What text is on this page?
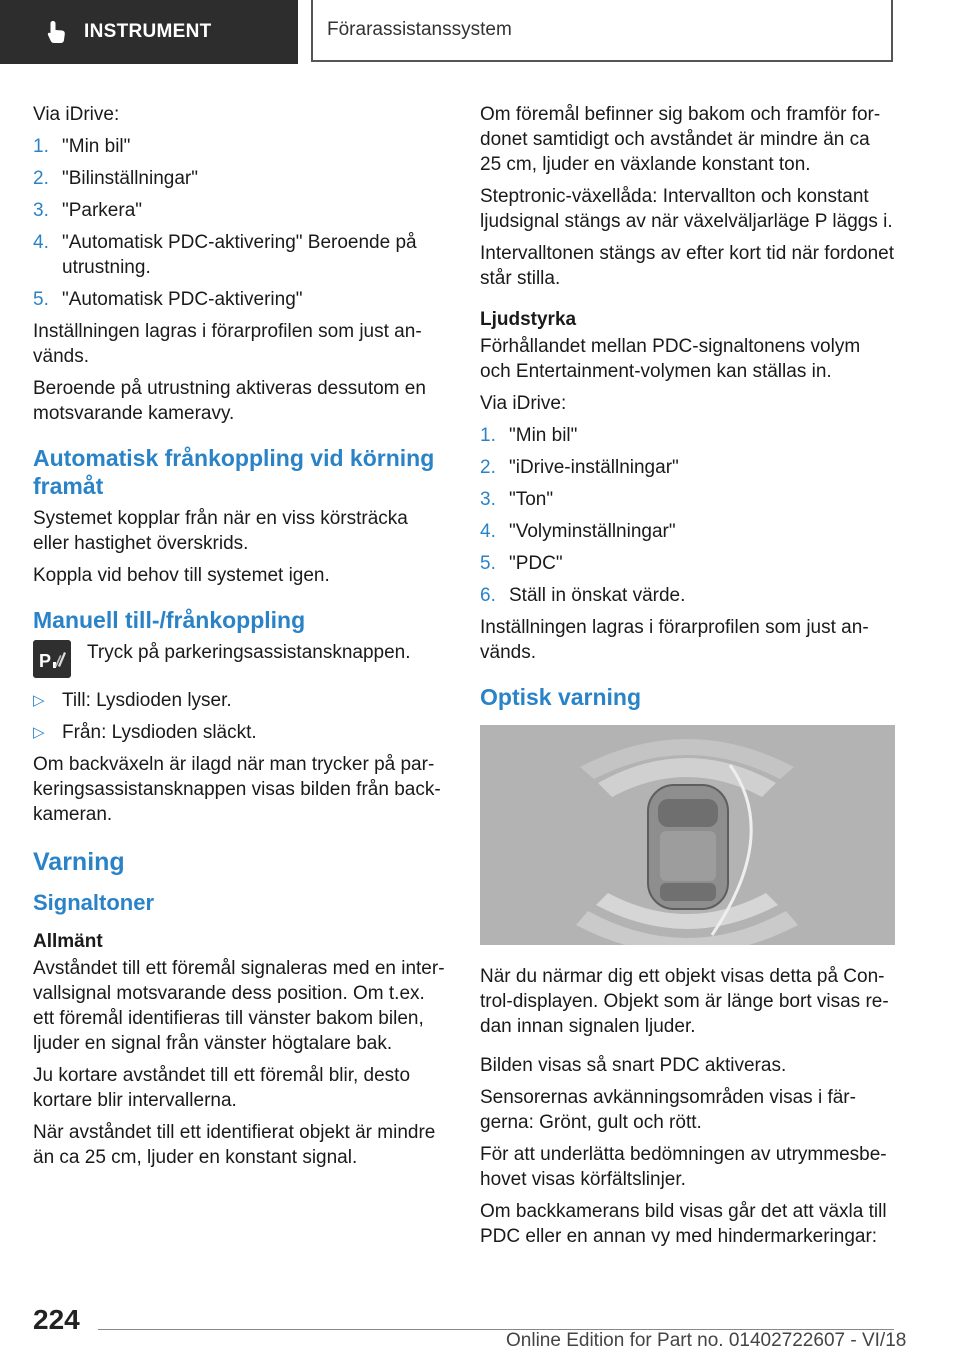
INSTRUMENT	Förarassistanssystem

Via iDrive:

1. "Min bil"
2. "Bilinställningar"
3. "Parkera"
4. "Automatisk PDC-aktivering" Beroende på utrustning.
5. "Automatisk PDC-aktivering"

Inställningen lagras i förarprofilen som just används.

Beroende på utrustning aktiveras dessutom en motsvarande kameravy.

Automatisk frånkoppling vid körning framåt

Systemet kopplar från när en viss körsträcka eller hastighet överskrids.

Koppla vid behov till systemet igen.

Manuell till-/frånkoppling
P Tryck på parkeringsassistansknappen.

▷ Till: Lysdioden lyser.
▷ Från: Lysdioden släckt.

Om backväxeln är ilagd när man trycker på parkeringsassistansknappen visas bilden från backkameran.

Varning
Signaltoner
Allmänt

Avståndet till ett föremål signaleras med en intervallsignal motsvarande dess position. Om t.ex. ett föremål identifieras till vänster bakom bilen, ljuder en signal från vänster högtalare bak.

Ju kortare avståndet till ett föremål blir, desto kortare blir intervallerna.

När avståndet till ett identifierat objekt är mindre än ca 25 cm, ljuder en konstant signal.

Om föremål befinner sig bakom och framför fordonet samtidigt och avståndet är mindre än ca 25 cm, ljuder en växlande konstant ton.

Steptronic-växellåda: Intervallton och konstant ljudsignal stängs av när växelväljarläge P läggs i.

Intervalltonen stängs av efter kort tid när fordonet står stilla.

Ljudstyrka

Förhållandet mellan PDC-signaltonens volym och Entertainment-volymen kan ställas in.

Via iDrive:

1. "Min bil"
2. "iDrive-inställningar"
3. "Ton"
4. "Volyminställningar"
5. "PDC"
6. Ställ in önskat värde.

Inställningen lagras i förarprofilen som just används.

Optisk varning

När du närmar dig ett objekt visas detta på Control-displayen. Objekt som är länge bort visas redan innan signalen ljuder.

Bilden visas så snart PDC aktiveras.

Sensorernas avkänningsområden visas i färgerna: Grönt, gult och rött.

För att underlätta bedömningen av utrymmesbehovet visas körfältslinjer.

Om backkamerans bild visas går det att växla till PDC eller en annan vy med hindermarkeringar:

224
Online Edition for Part no. 01402722607 - VI/18
